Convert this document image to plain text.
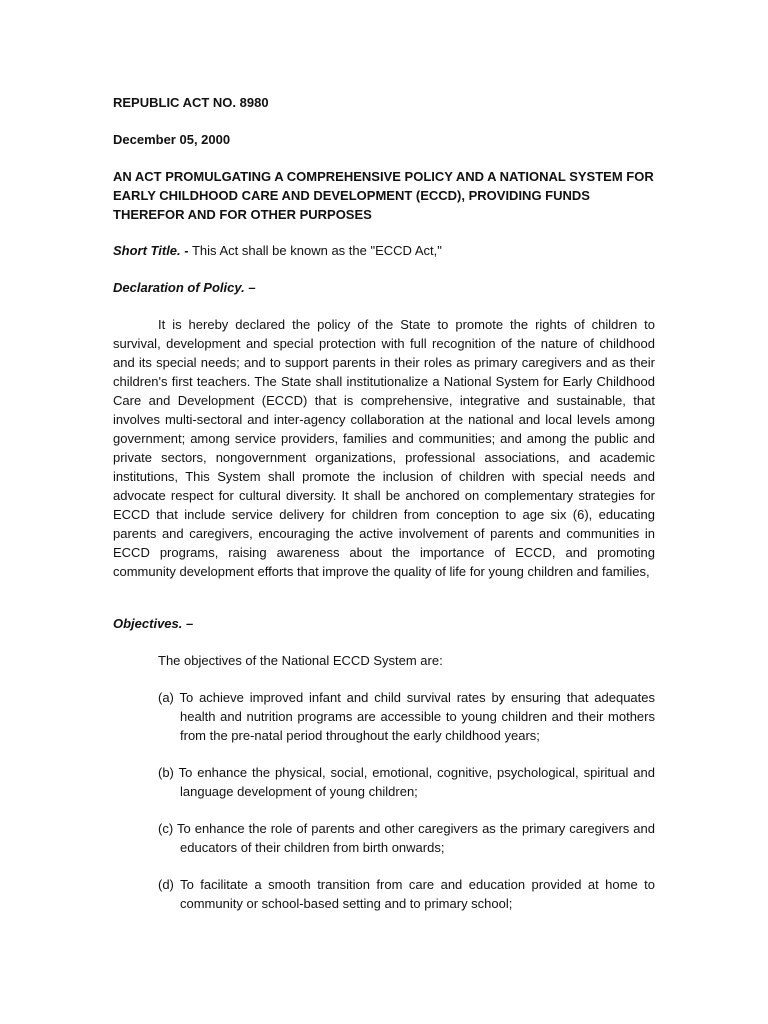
REPUBLIC ACT NO. 8980

December 05, 2000

AN ACT PROMULGATING A COMPREHENSIVE POLICY AND A NATIONAL SYSTEM FOR EARLY CHILDHOOD CARE AND DEVELOPMENT (ECCD), PROVIDING FUNDS THEREFOR AND FOR OTHER PURPOSES

Short Title. - This Act shall be known as the "ECCD Act,"

Declaration of Policy. –

It is hereby declared the policy of the State to promote the rights of children to survival, development and special protection with full recognition of the nature of childhood and its special needs; and to support parents in their roles as primary caregivers and as their children's first teachers. The State shall institutionalize a National System for Early Childhood Care and Development (ECCD) that is comprehensive, integrative and sustainable, that involves multi-sectoral and inter-agency collaboration at the national and local levels among government; among service providers, families and communities; and among the public and private sectors, nongovernment organizations, professional associations, and academic institutions, This System shall promote the inclusion of children with special needs and advocate respect for cultural diversity. It shall be anchored on complementary strategies for ECCD that include service delivery for children from conception to age six (6), educating parents and caregivers, encouraging the active involvement of parents and communities in ECCD programs, raising awareness about the importance of ECCD, and promoting community development efforts that improve the quality of life for young children and families,

Objectives. –

The objectives of the National ECCD System are:

(a) To achieve improved infant and child survival rates by ensuring that adequates health and nutrition programs are accessible to young children and their mothers from the pre-natal period throughout the early childhood years;
(b) To enhance the physical, social, emotional, cognitive, psychological, spiritual and language development of young children;
(c) To enhance the role of parents and other caregivers as the primary caregivers and educators of their children from birth onwards;
(d) To facilitate a smooth transition from care and education provided at home to community or school-based setting and to primary school;
